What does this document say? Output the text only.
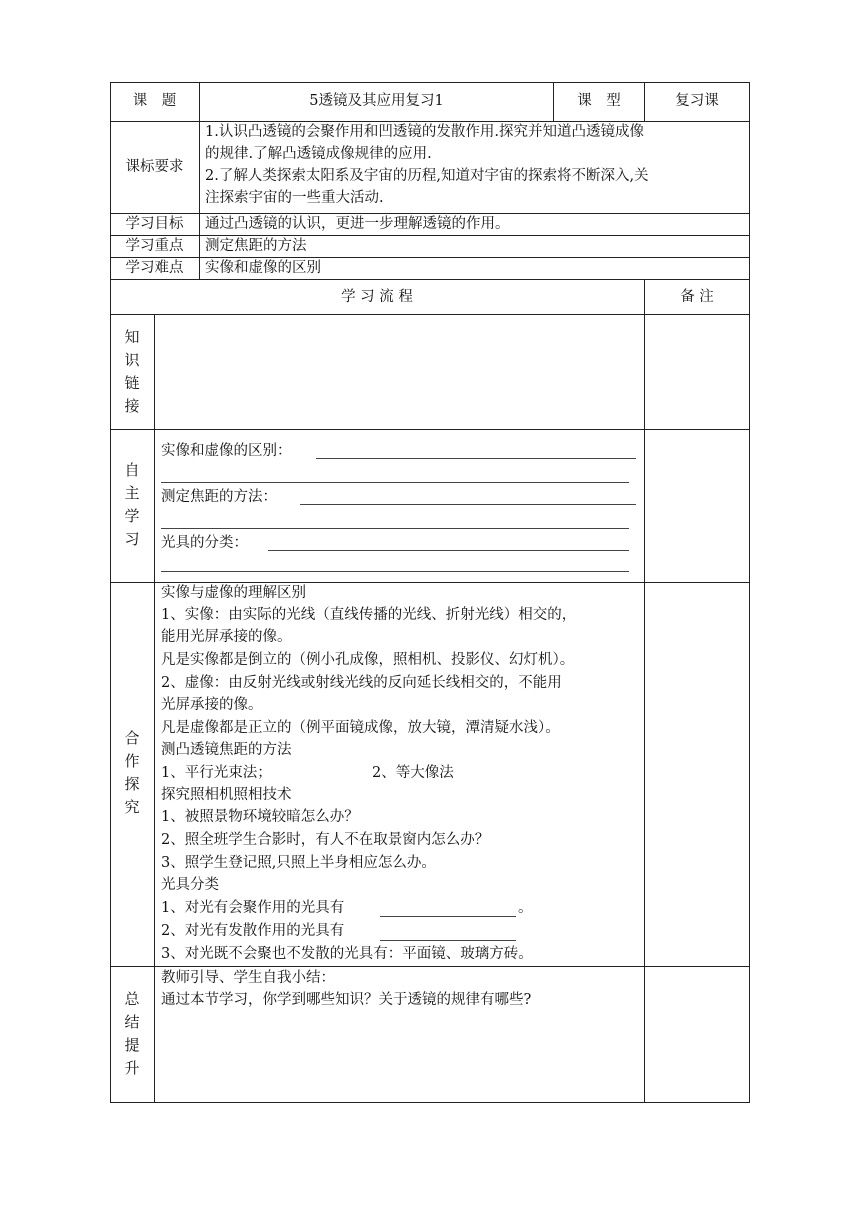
课　题	5透镜及其应用复习1	课　型	复习课
课标要求
1.认识凸透镜的会聚作用和凹透镜的发散作用.探究并知道凸透镜成像
的规律.了解凸透镜成像规律的应用.
2.了解人类探索太阳系及宇宙的历程,知道对宇宙的探索将不断深入,关
注探索宇宙的一些重大活动.
学习目标	通过凸透镜的认识，更进一步理解透镜的作用。
学习重点	测定焦距的方法
学习难点	实像和虚像的区别
学 习 流 程	备 注
知
识
链
接
自
主
学
习
实像和虚像的区别：
测定焦距的方法：
光具的分类：
合
作
探
究
实像与虚像的理解区别
1、实像：由实际的光线（直线传播的光线、折射光线）相交的，
能用光屏承接的像。
凡是实像都是倒立的（例小孔成像，照相机、投影仪、幻灯机）。
2、虚像：由反射光线或射线光线的反向延长线相交的，不能用
光屏承接的像。
凡是虚像都是正立的（例平面镜成像，放大镜，潭清疑水浅）。
测凸透镜焦距的方法
1、平行光束法；	2、等大像法
探究照相机照相技术
1、被照景物环境较暗怎么办？
2、照全班学生合影时，有人不在取景窗内怎么办？
3、照学生登记照,只照上半身相应怎么办。
光具分类
1、对光有会聚作用的光具有	。
2、对光有发散作用的光具有
3、对光既不会聚也不发散的光具有：平面镜、玻璃方砖。
总
结
提
升
教师引导、学生自我小结：
通过本节学习，你学到哪些知识？关于透镜的规律有哪些?
